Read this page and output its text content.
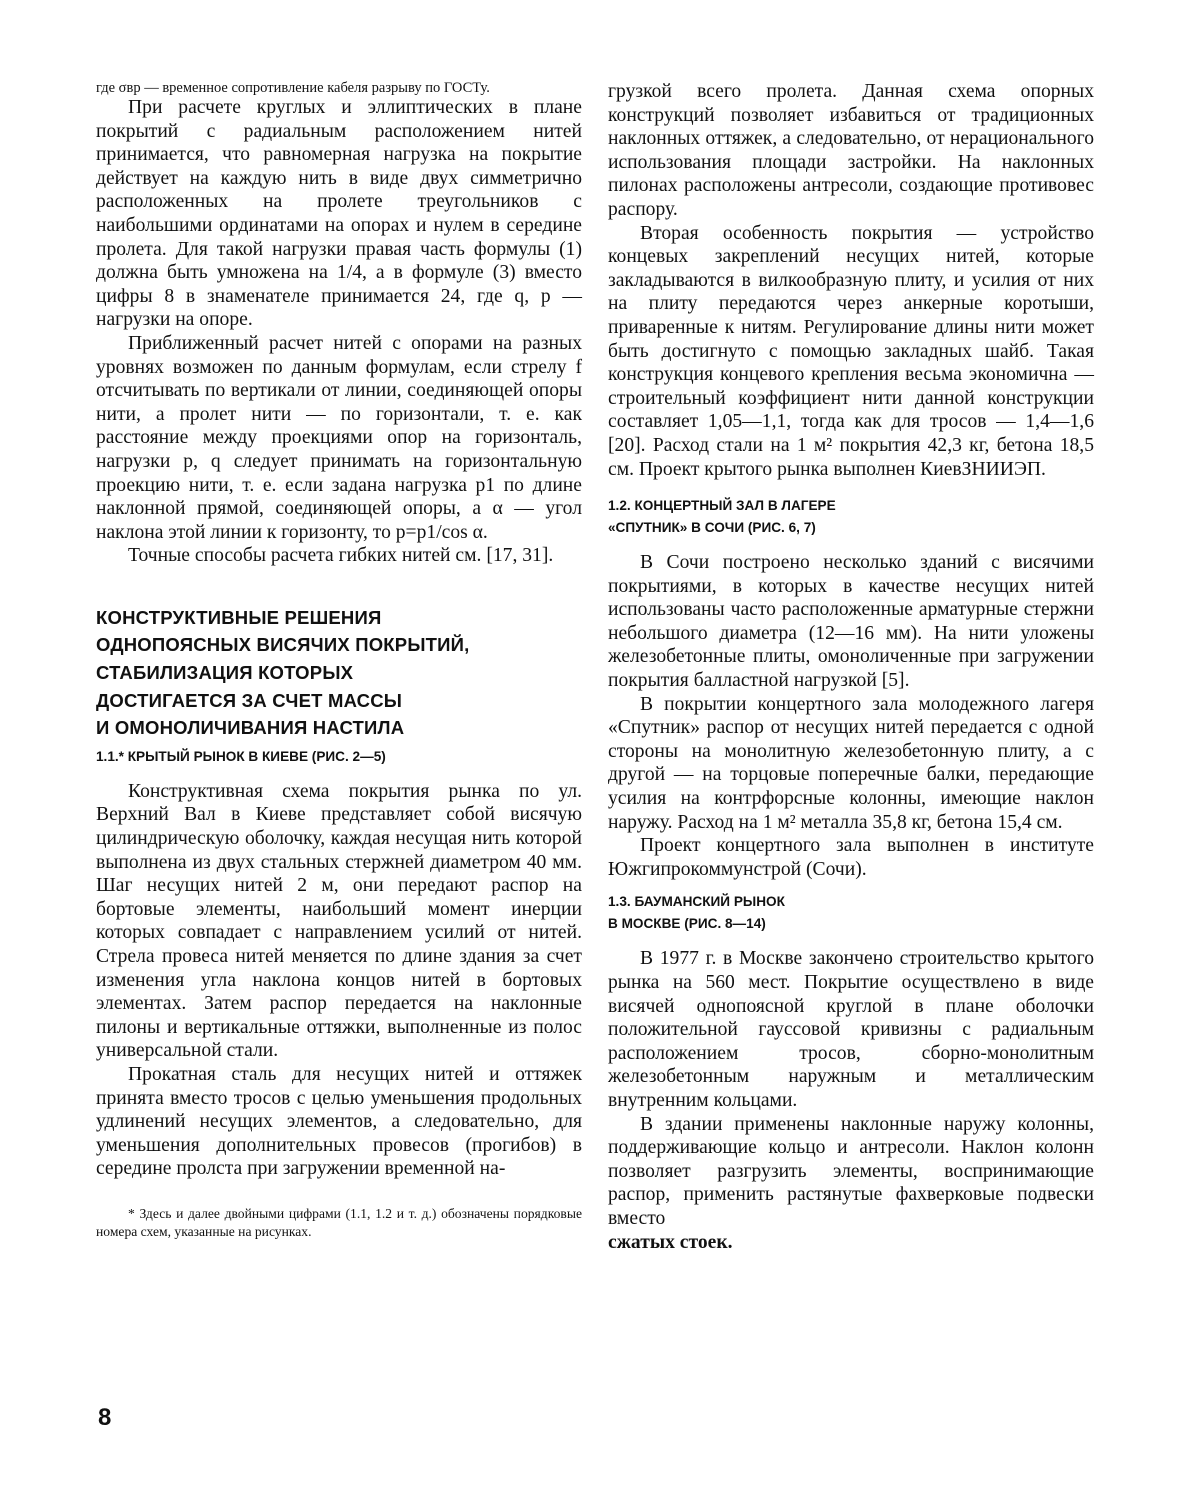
где σвр — временное сопротивление кабеля разрыву по ГОСТу.

При расчете круглых и эллиптических в плане покрытий с радиальным расположением нитей принимается, что равномерная нагрузка на покрытие действует на каждую нить в виде двух симметрично расположенных на пролете треугольников с наибольшими ординатами на опорах и нулем в середине пролета. Для такой нагрузки правая часть формулы (1) должна быть умножена на 1/4, а в формуле (3) вместо цифры 8 в знаменателе принимается 24, где q, p — нагрузки на опоре.

Приближенный расчет нитей с опорами на разных уровнях возможен по данным формулам, если стрелу f отсчитывать по вертикали от линии, соединяющей опоры нити, а пролет нити — по горизонтали, т. е. как расстояние между проекциями опор на горизонталь, нагрузки p, q следует принимать на горизонтальную проекцию нити, т. е. если задана нагрузка p1 по длине наклонной прямой, соединяющей опоры, а α — угол наклона этой линии к горизонту, то p=p1/cos α.

Точные способы расчета гибких нитей см. [17, 31].

КОНСТРУКТИВНЫЕ РЕШЕНИЯ

ОДНОПОЯСНЫХ ВИСЯЧИХ ПОКРЫТИЙ,

СТАБИЛИЗАЦИЯ КОТОРЫХ

ДОСТИГАЕТСЯ ЗА СЧЕТ МАССЫ

И ОМОНОЛИЧИВАНИЯ НАСТИЛА

1.1.* КРЫТЫЙ РЫНОК В КИЕВЕ (РИС. 2—5)

Конструктивная схема покрытия рынка по ул. Верхний Вал в Киеве представляет собой висячую цилиндрическую оболочку, каждая несущая нить которой выполнена из двух стальных стержней диаметром 40 мм. Шаг несущих нитей 2 м, они передают распор на бортовые элементы, наибольший момент инерции которых совпадает с направлением усилий от нитей. Стрела провеса нитей меняется по длине здания за счет изменения угла наклона концов нитей в бортовых элементах. Затем распор передается на наклонные пилоны и вертикальные оттяжки, выполненные из полос универсальной стали.

Прокатная сталь для несущих нитей и оттяжек принята вместо тросов с целью уменьшения продольных удлинений несущих элементов, а следовательно, для уменьшения дополнительных провесов (прогибов) в середине пролста при загружении временной на-

* Здесь и далее двойными цифрами (1.1, 1.2 и т. д.) обозначены порядковые номера схем, указанные на рисунках.

грузкой всего пролета. Данная схема опорных конструкций позволяет избавиться от традиционных наклонных оттяжек, а следовательно, от нерационального использования площади застройки. На наклонных пилонах расположены антресоли, создающие противовес распору.

Вторая особенность покрытия — устройство концевых закреплений несущих нитей, которые закладываются в вилкообразную плиту, и усилия от них на плиту передаются через анкерные коротыши, приваренные к нитям. Регулирование длины нити может быть достигнуто с помощью закладных шайб. Такая конструкция концевого крепления весьма экономична — строительный коэффициент нити данной конструкции составляет 1,05—1,1, тогда как для тросов — 1,4—1,6 [20]. Расход стали на 1 м² покрытия 42,3 кг, бетона 18,5 см. Проект крытого рынка выполнен КиевЗНИИЭП.

1.2. КОНЦЕРТНЫЙ ЗАЛ В ЛАГЕРЕ

«СПУТНИК» В СОЧИ (РИС. 6, 7)

В Сочи построено несколько зданий с висячими покрытиями, в которых в качестве несущих нитей использованы часто расположенные арматурные стержни небольшого диаметра (12—16 мм). На нити уложены железобетонные плиты, омоноличенные при загружении покрытия балластной нагрузкой [5].

В покрытии концертного зала молодежного лагеря «Спутник» распор от несущих нитей передается с одной стороны на монолитную железобетонную плиту, а с другой — на торцовые поперечные балки, передающие усилия на контрфорсные колонны, имеющие наклон наружу. Расход на 1 м² металла 35,8 кг, бетона 15,4 см.

Проект концертного зала выполнен в институте Южгипрокоммунстрой (Сочи).

1.3. БАУМАНСКИЙ РЫНОК

В МОСКВЕ (РИС. 8—14)

В 1977 г. в Москве закончено строительство крытого рынка на 560 мест. Покрытие осуществлено в виде висячей однопоясной круглой в плане оболочки положительной гауссовой кривизны с радиальным расположением тросов, сборно-монолитным железобетонным наружным и металлическим внутренним кольцами.

В здании применены наклонные наружу колонны, поддерживающие кольцо и антресоли. Наклон колонн позволяет разгрузить элементы, воспринимающие распор, применить растянутые фахверковые подвески вместо

сжатых стоек.

8
